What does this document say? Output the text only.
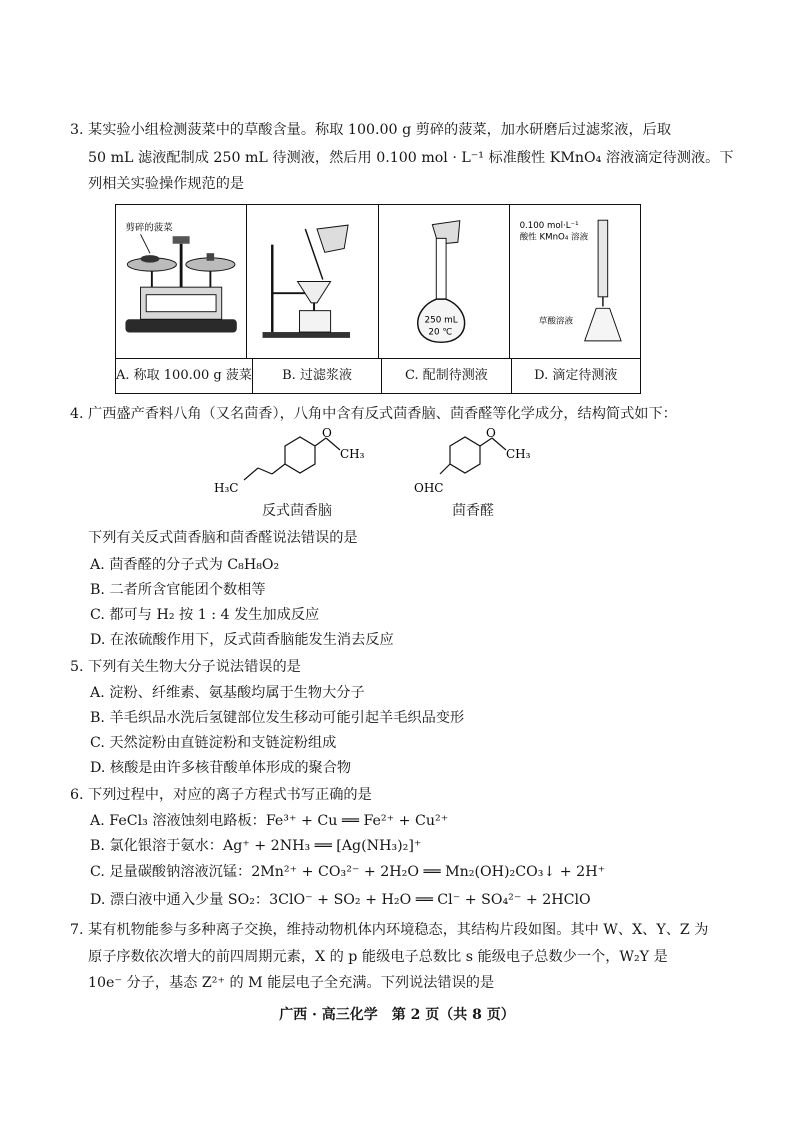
3. 某实验小组检测菠菜中的草酸含量。称取 100.00 g 剪碎的菠菜，加水研磨后过滤浆液，后取
50 mL 滤液配制成 250 mL 待测液，然后用 0.100 mol · L⁻¹ 标准酸性 KMnO₄ 溶液滴定待测液。下
列相关实验操作规范的是
剪碎的菠菜
250 mL
20 ℃
0.100 mol·L⁻¹
酸性 KMnO₄ 溶液
草酸溶液
A. 称取 100.00 g 菠菜	B. 过滤浆液	C. 配制待测液	D. 滴定待测液
4. 广西盛产香料八角（又名茴香），八角中含有反式茴香脑、茴香醛等化学成分，结构简式如下：
O
CH₃
H₃C
反式茴香脑
O
CH₃
OHC
茴香醛
下列有关反式茴香脑和茴香醛说法错误的是
A. 茴香醛的分子式为 C₈H₈O₂
B. 二者所含官能团个数相等
C. 都可与 H₂ 按 1 : 4 发生加成反应
D. 在浓硫酸作用下，反式茴香脑能发生消去反应
5. 下列有关生物大分子说法错误的是
A. 淀粉、纤维素、氨基酸均属于生物大分子
B. 羊毛织品水洗后氢键部位发生移动可能引起羊毛织品变形
C. 天然淀粉由直链淀粉和支链淀粉组成
D. 核酸是由许多核苷酸单体形成的聚合物
6. 下列过程中，对应的离子方程式书写正确的是
A. FeCl₃ 溶液蚀刻电路板：Fe³⁺ + Cu ══ Fe²⁺ + Cu²⁺
B. 氯化银溶于氨水：Ag⁺ + 2NH₃ ══ [Ag(NH₃)₂]⁺
C. 足量碳酸钠溶液沉锰：2Mn²⁺ + CO₃²⁻ + 2H₂O ══ Mn₂(OH)₂CO₃↓ + 2H⁺
D. 漂白液中通入少量 SO₂：3ClO⁻ + SO₂ + H₂O ══ Cl⁻ + SO₄²⁻ + 2HClO
7. 某有机物能参与多种离子交换，维持动物机体内环境稳态，其结构片段如图。其中 W、X、Y、Z 为
原子序数依次增大的前四周期元素，X 的 p 能级电子总数比 s 能级电子总数少一个，W₂Y 是
10e⁻ 分子，基态 Z²⁺ 的 M 能层电子全充满。下列说法错误的是
广西 · 高三化学　第 2 页（共 8 页）
